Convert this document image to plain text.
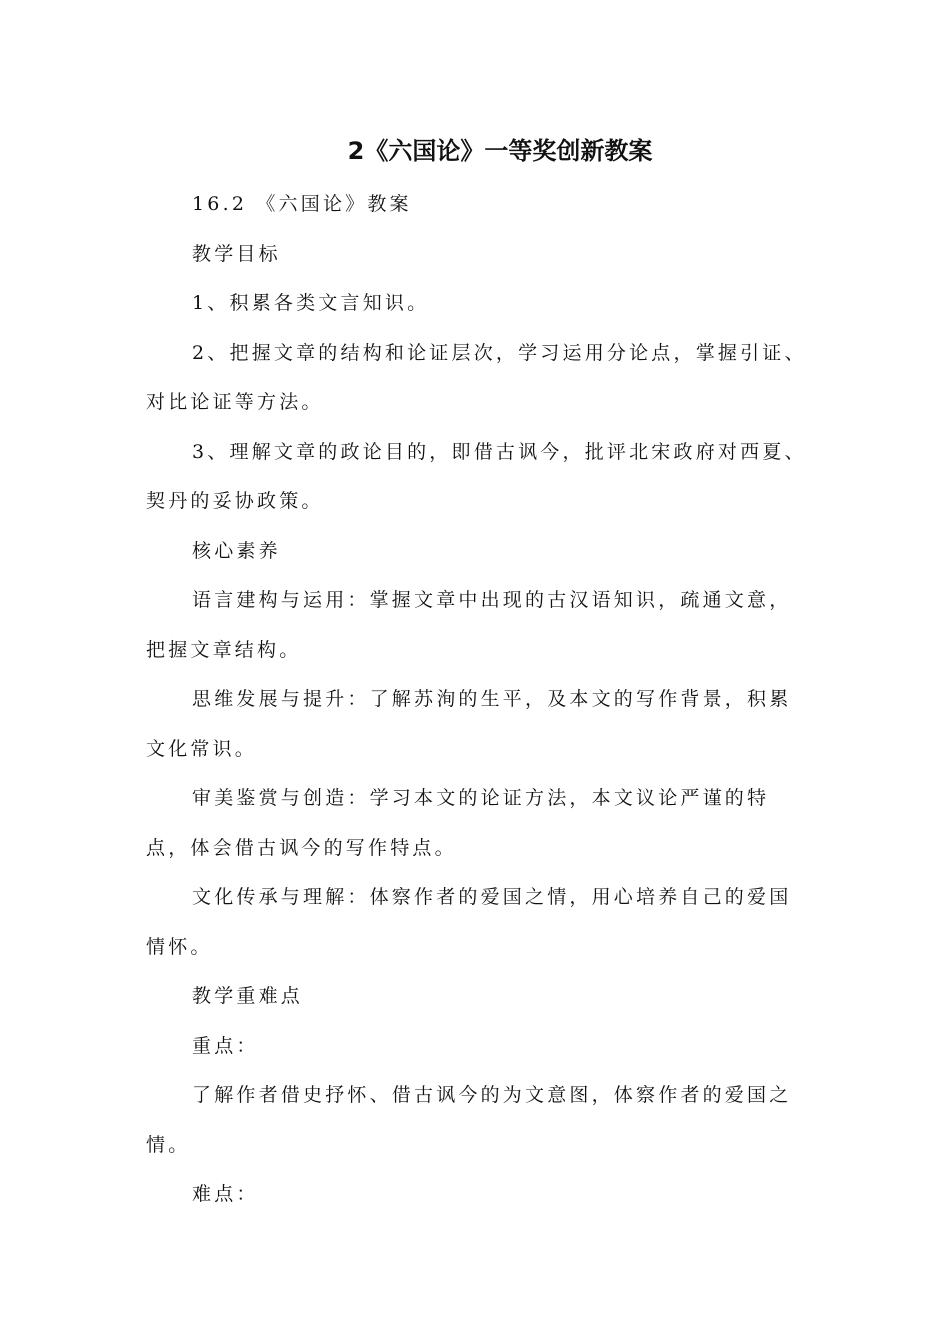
2《六国论》一等奖创新教案

16.2 《六国论》教案

教学目标

1、积累各类文言知识。

2、把握文章的结构和论证层次，学习运用分论点，掌握引证、对比论证等方法。

3、理解文章的政论目的，即借古讽今，批评北宋政府对西夏、契丹的妥协政策。

核心素养

语言建构与运用：掌握文章中出现的古汉语知识，疏通文意，把握文章结构。

思维发展与提升：了解苏洵的生平，及本文的写作背景，积累文化常识。

审美鉴赏与创造：学习本文的论证方法，本文议论严谨的特点，体会借古讽今的写作特点。

文化传承与理解：体察作者的爱国之情，用心培养自己的爱国情怀。

教学重难点

重点：

了解作者借史抒怀、借古讽今的为文意图，体察作者的爱国之情。

难点：
